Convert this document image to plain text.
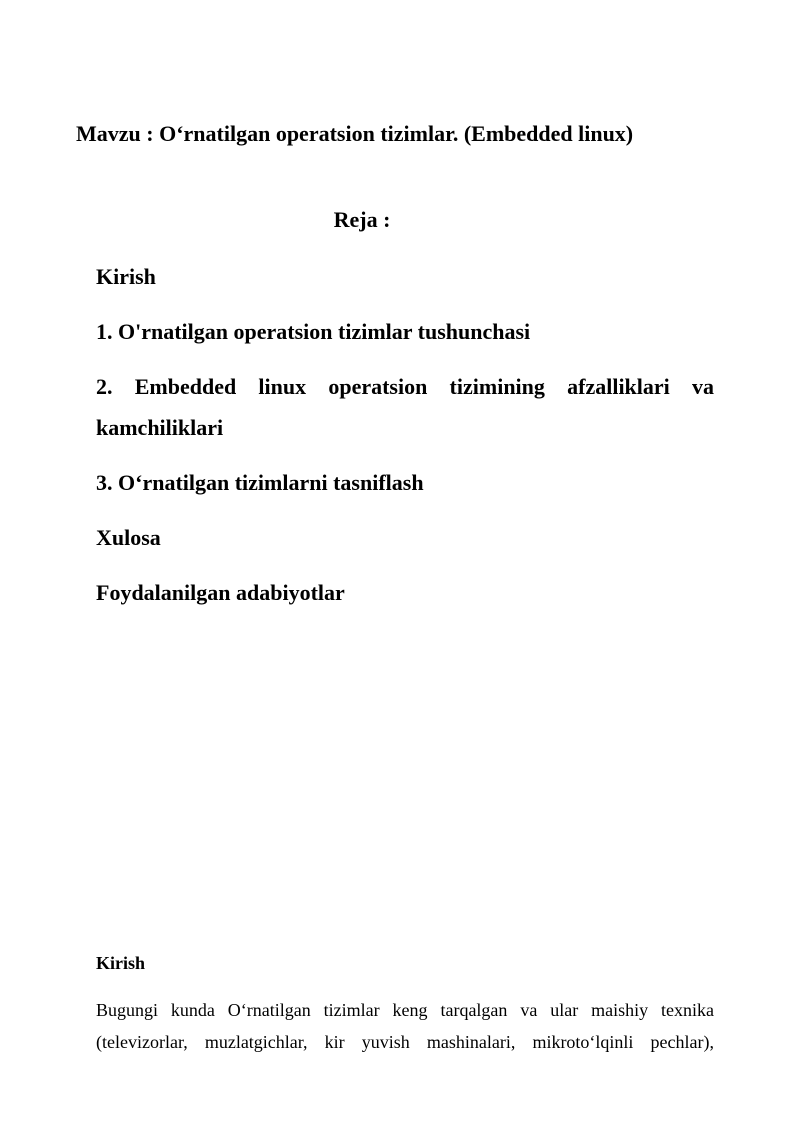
Mavzu : O‘rnatilgan operatsion tizimlar. (Embedded linux)
Reja :
Kirish
1. O'rnatilgan operatsion tizimlar tushunchasi
2. Embedded linux operatsion tizimining afzalliklari va kamchiliklari
3. O‘rnatilgan tizimlarni tasniflash
Xulosa
Foydalanilgan adabiyotlar
Kirish

Bugungi kunda O‘rnatilgan tizimlar keng tarqalgan va ular maishiy texnika (televizorlar, muzlatgichlar, kir yuvish mashinalari, mikroto‘lqinli pechlar),
